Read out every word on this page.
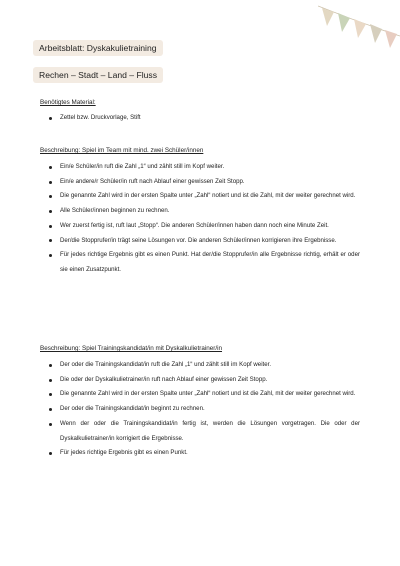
Arbeitsblatt: Dyskakulietraining
Rechen – Stadt – Land – Fluss
Benötigtes Material:
Zettel bzw. Druckvorlage, Stift
Beschreibung: Spiel im Team mit mind. zwei Schüler/innen
Ein/e Schüler/in ruft die Zahl „1“ und zählt still im Kopf weiter.
Ein/e andere/r Schüler/in ruft nach Ablauf einer gewissen Zeit Stopp.
Die genannte Zahl wird in der ersten Spalte unter „Zahl“ notiert und ist die Zahl, mit der weiter gerechnet wird.
Alle Schüler/innen beginnen zu rechnen.
Wer zuerst fertig ist, ruft laut „Stopp“. Die anderen Schüler/innen haben dann noch eine Minute Zeit.
Der/die Stopprufer/in trägt seine Lösungen vor. Die anderen Schüler/innen korrigieren ihre Ergebnisse.
Für jedes richtige Ergebnis gibt es einen Punkt. Hat der/die Stopprufer/in alle Ergebnisse richtig, erhält er oder sie einen Zusatzpunkt.
Beschreibung: Spiel Trainingskandidat/in mit Dyskalkulietrainer/in
Der oder die Trainingskandidat/in ruft die Zahl „1“ und zählt still im Kopf weiter.
Die oder der Dyskalkulietrainer/in ruft nach Ablauf einer gewissen Zeit Stopp.
Die genannte Zahl wird in der ersten Spalte unter „Zahl“ notiert und ist die Zahl, mit der weiter gerechnet wird.
Der oder die Trainingskandidat/in beginnt zu rechnen.
Wenn der oder die Trainingskandidat/in fertig ist, werden die Lösungen vorgetragen. Die oder der Dyskalkulietrainer/in korrigiert die Ergebnisse.
Für jedes richtige Ergebnis gibt es einen Punkt.
